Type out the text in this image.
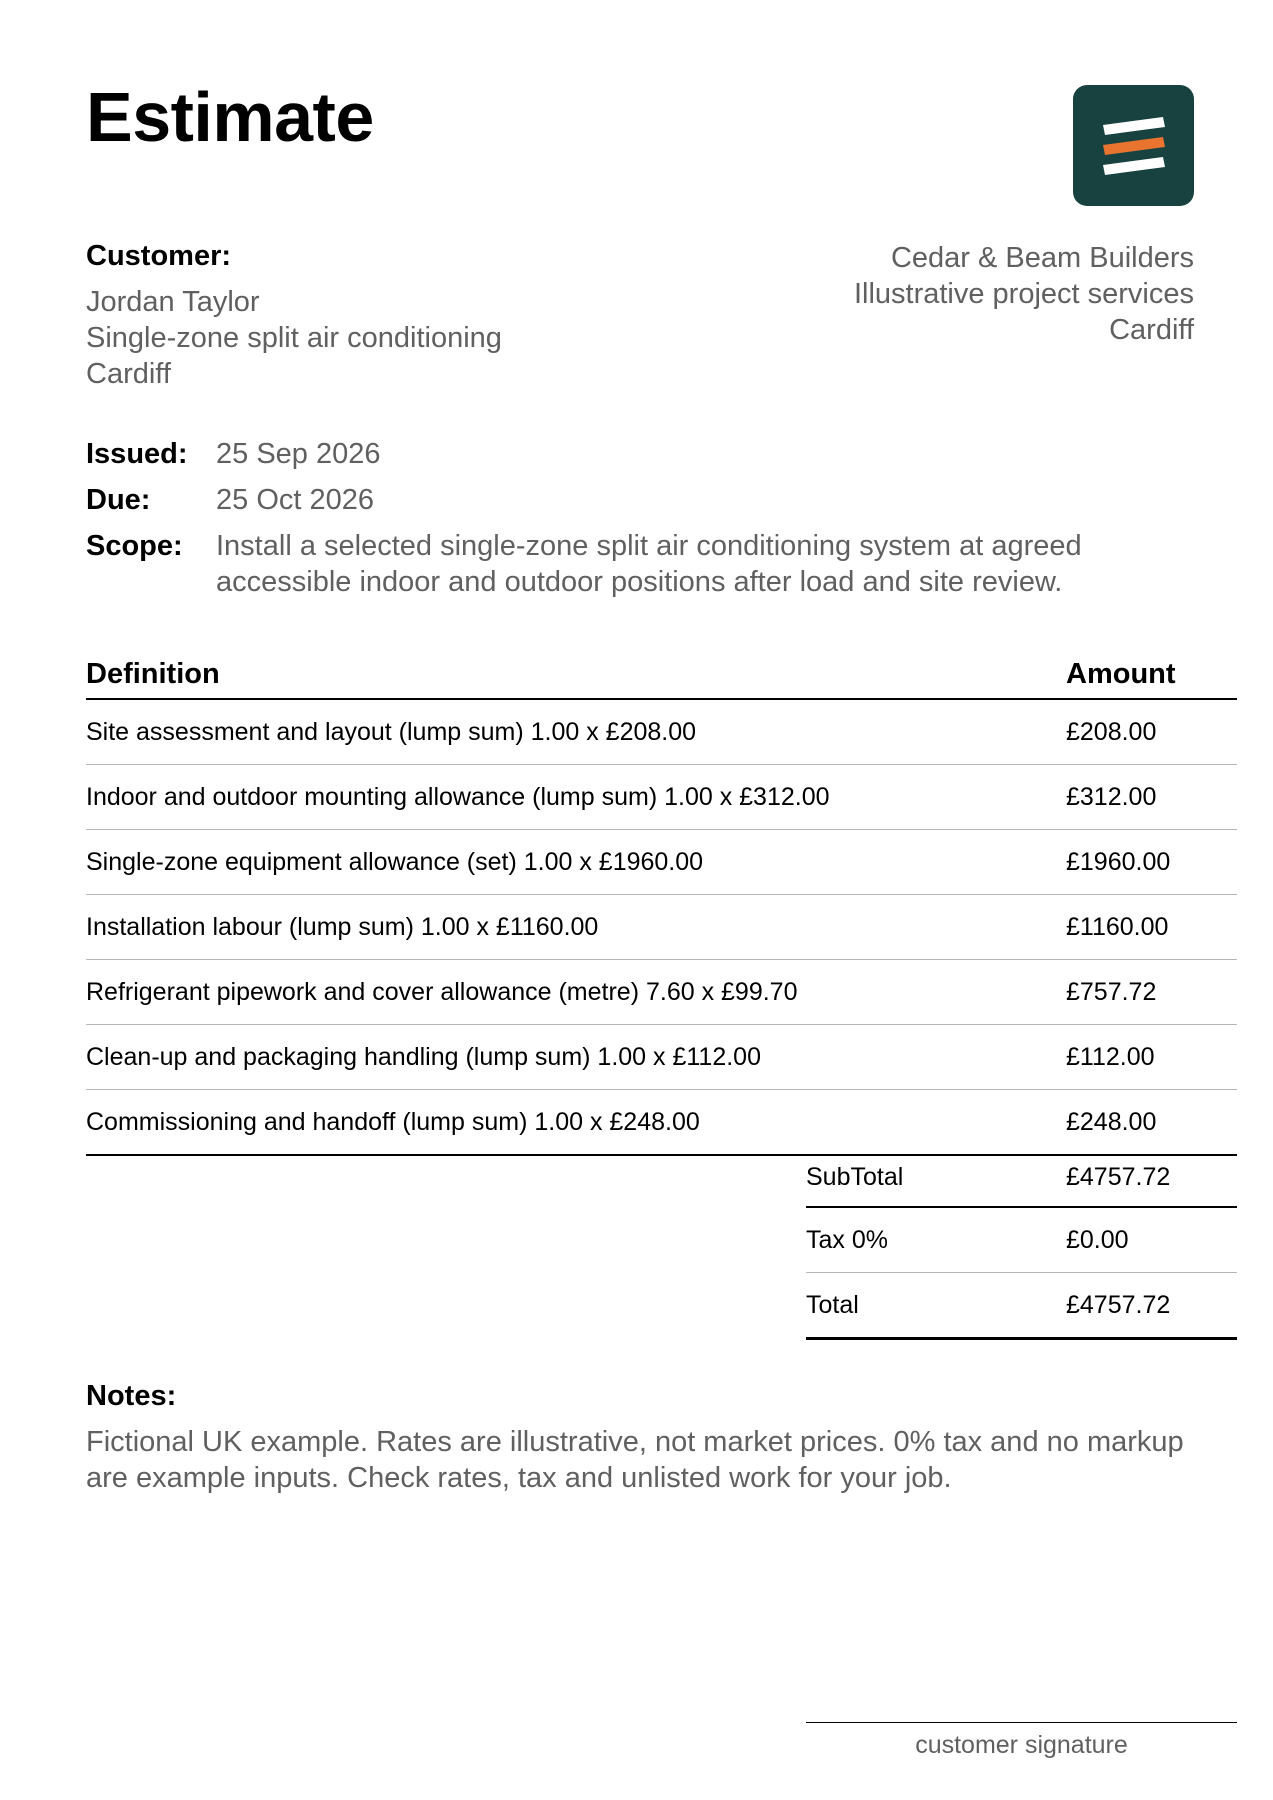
Estimate
Customer:
Jordan Taylor
Single-zone split air conditioning
Cardiff
Cedar & Beam Builders
Illustrative project services
Cardiff
Issued: 25 Sep 2026
Due:	25 Oct 2026
Scope:	Install a selected single-zone split air conditioning system at agreed accessible indoor and outdoor positions after load and site review.
Definition	Amount
Site assessment and layout (lump sum) 1.00 x £208.00	£208.00
Indoor and outdoor mounting allowance (lump sum) 1.00 x £312.00	£312.00
Single-zone equipment allowance (set) 1.00 x £1960.00	£1960.00
Installation labour (lump sum) 1.00 x £1160.00	£1160.00
Refrigerant pipework and cover allowance (metre) 7.60 x £99.70	£757.72
Clean-up and packaging handling (lump sum) 1.00 x £112.00	£112.00
Commissioning and handoff (lump sum) 1.00 x £248.00	£248.00
SubTotal	£4757.72
Tax 0%	£0.00
Total	£4757.72
Notes:
Fictional UK example. Rates are illustrative, not market prices. 0% tax and no markup are example inputs. Check rates, tax and unlisted work for your job.
customer signature
